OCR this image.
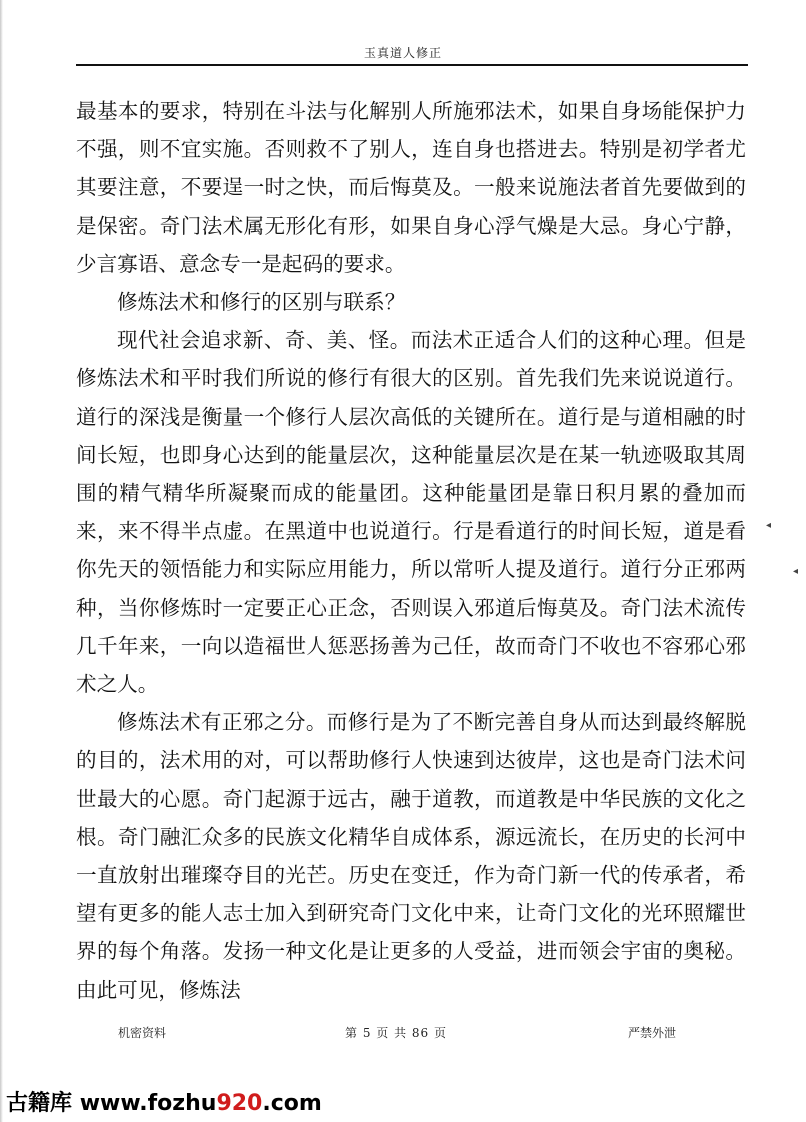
玉真道人修正

最基本的要求，特别在斗法与化解别人所施邪法术，如果自身场能保护力不强，则不宜实施。否则救不了别人，连自身也搭进去。特别是初学者尤其要注意，不要逞一时之快，而后悔莫及。一般来说施法者首先要做到的是保密。奇门法术属无形化有形，如果自身心浮气燥是大忌。身心宁静，少言寡语、意念专一是起码的要求。

修炼法术和修行的区别与联系？

现代社会追求新、奇、美、怪。而法术正适合人们的这种心理。但是修炼法术和平时我们所说的修行有很大的区别。首先我们先来说说道行。道行的深浅是衡量一个修行人层次高低的关键所在。道行是与道相融的时间长短，也即身心达到的能量层次，这种能量层次是在某一轨迹吸取其周围的精气精华所凝聚而成的能量团。这种能量团是靠日积月累的叠加而来，来不得半点虚。在黑道中也说道行。行是看道行的时间长短，道是看你先天的领悟能力和实际应用能力，所以常听人提及道行。道行分正邪两种，当你修炼时一定要正心正念，否则误入邪道后悔莫及。奇门法术流传几千年来，一向以造福世人惩恶扬善为己任，故而奇门不收也不容邪心邪术之人。

修炼法术有正邪之分。而修行是为了不断完善自身从而达到最终解脱的目的，法术用的对，可以帮助修行人快速到达彼岸，这也是奇门法术问世最大的心愿。奇门起源于远古，融于道教，而道教是中华民族的文化之根。奇门融汇众多的民族文化精华自成体系，源远流长，在历史的长河中一直放射出璀璨夺目的光芒。历史在变迁，作为奇门新一代的传承者，希望有更多的能人志士加入到研究奇门文化中来，让奇门文化的光环照耀世界的每个角落。发扬一种文化是让更多的人受益，进而领会宇宙的奥秘。由此可见，修炼法

◂
◂
机密资料	第 5 页 共 86 页	严禁外泄
古籍库 www.fozhu920.com
